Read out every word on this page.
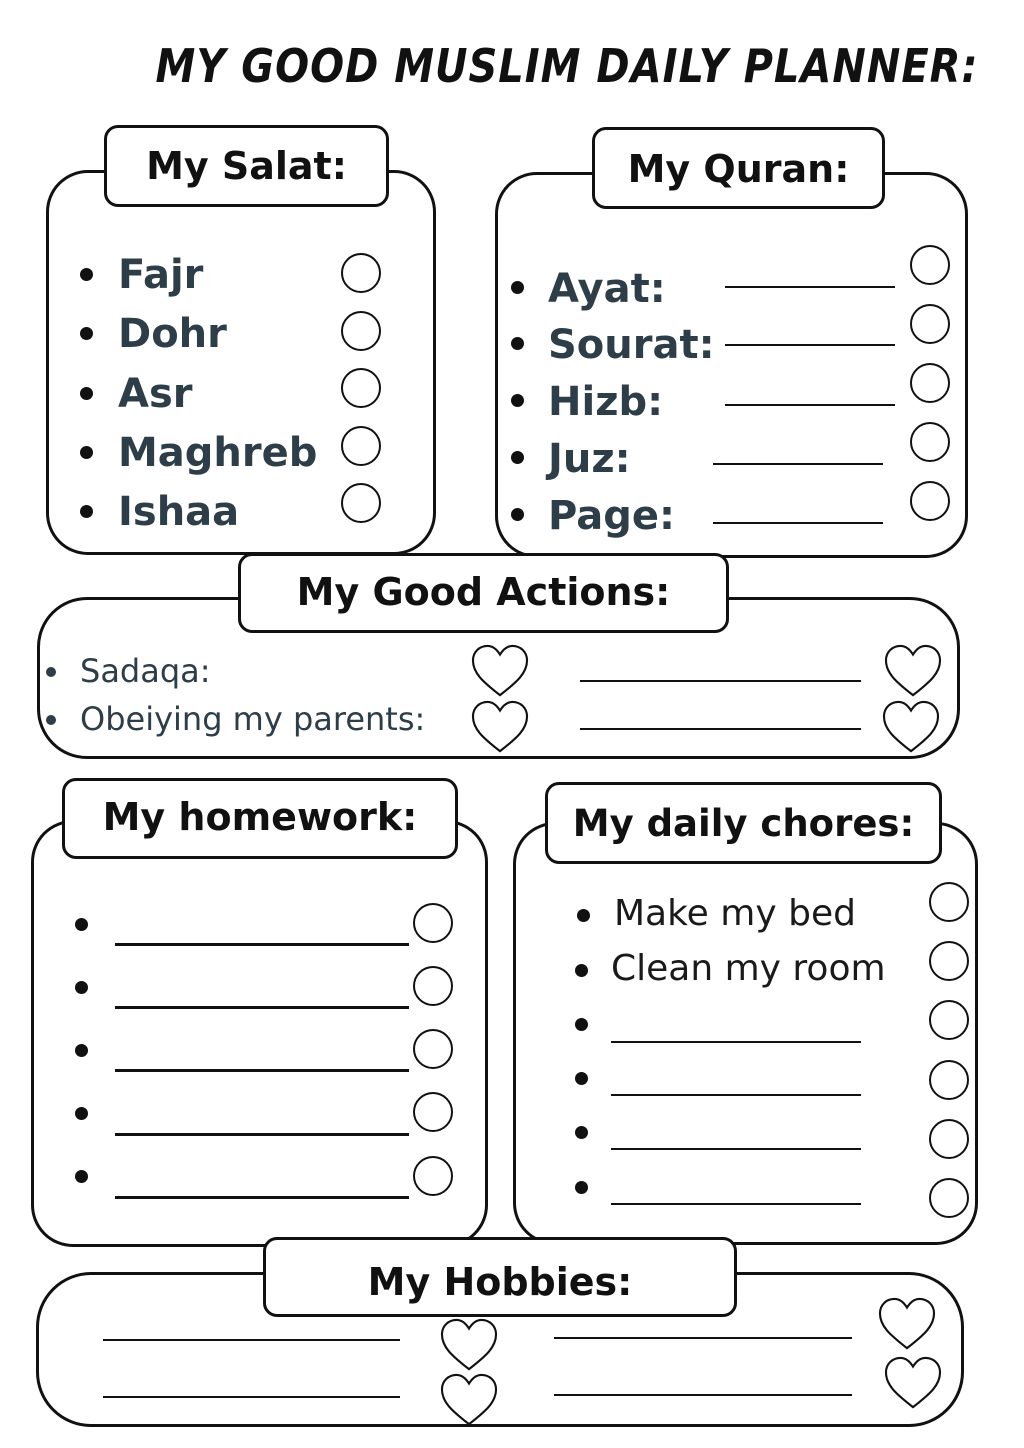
MY GOOD MUSLIM DAILY PLANNER:
My Salat:
Fajr
Dohr
Asr
Maghreb
Ishaa
My Quran:
Ayat:
Sourat:
Hizb:
Juz:
Page:
My Good Actions:
Sadaqa:
Obeiying my parents:
My homework:	My daily chores:
Make my bed
Clean my room
My Hobbies:
